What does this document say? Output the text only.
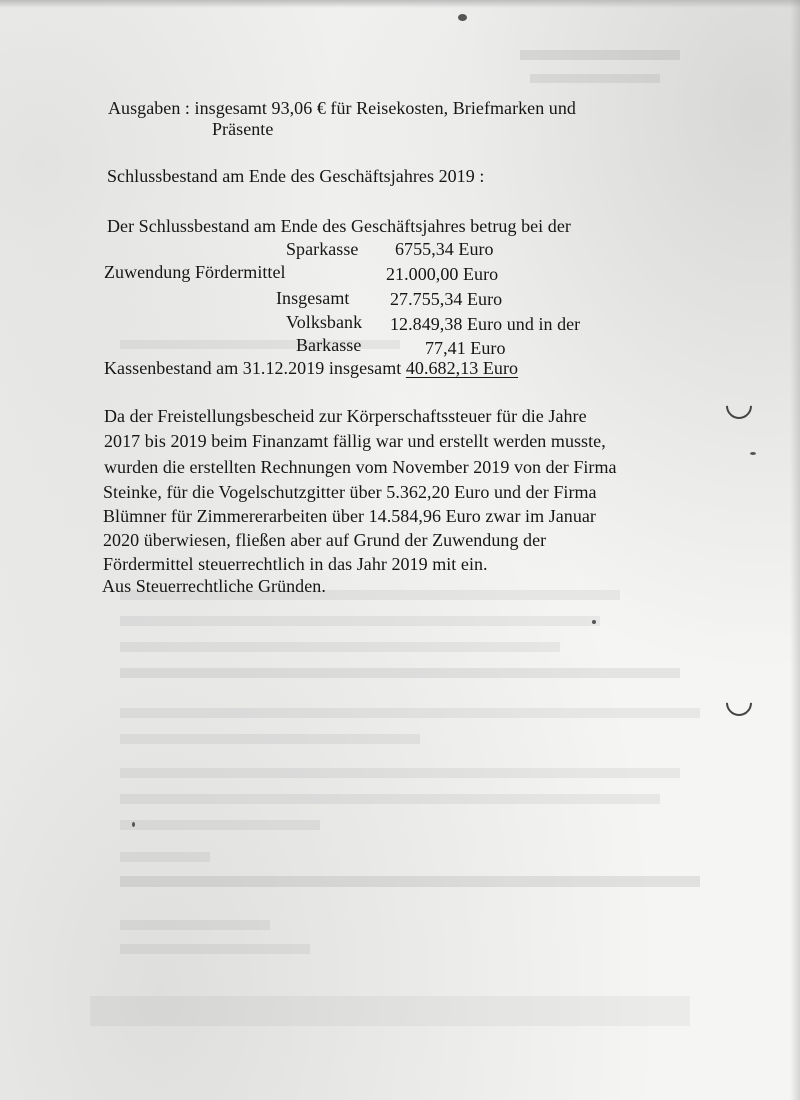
Ausgaben : insgesamt 93,06 € für Reisekosten, Briefmarken und
Präsente
Schlussbestand am Ende des Geschäftsjahres 2019 :
Der Schlussbestand am Ende des Geschäftsjahres betrug bei der
Sparkasse 6755,34 Euro
Zuwendung Fördermittel	21.000,00 Euro
Insgesamt 27.755,34 Euro
Volksbank 12.849,38 Euro und in der
Barkasse	77,41 Euro
Kassenbestand am 31.12.2019 insgesamt 40.682,13 Euro
Da der Freistellungsbescheid zur Körperschaftssteuer für die Jahre
2017 bis 2019 beim Finanzamt fällig war und erstellt werden musste,
wurden die erstellten Rechnungen vom November 2019 von der Firma
Steinke, für die Vogelschutzgitter über 5.362,20 Euro und der Firma
Blümner für Zimmererarbeiten über 14.584,96 Euro zwar im Januar
2020 überwiesen, fließen aber auf Grund der Zuwendung der
Fördermittel steuerrechtlich in das Jahr 2019 mit ein.
Aus Steuerrechtliche Gründen.
